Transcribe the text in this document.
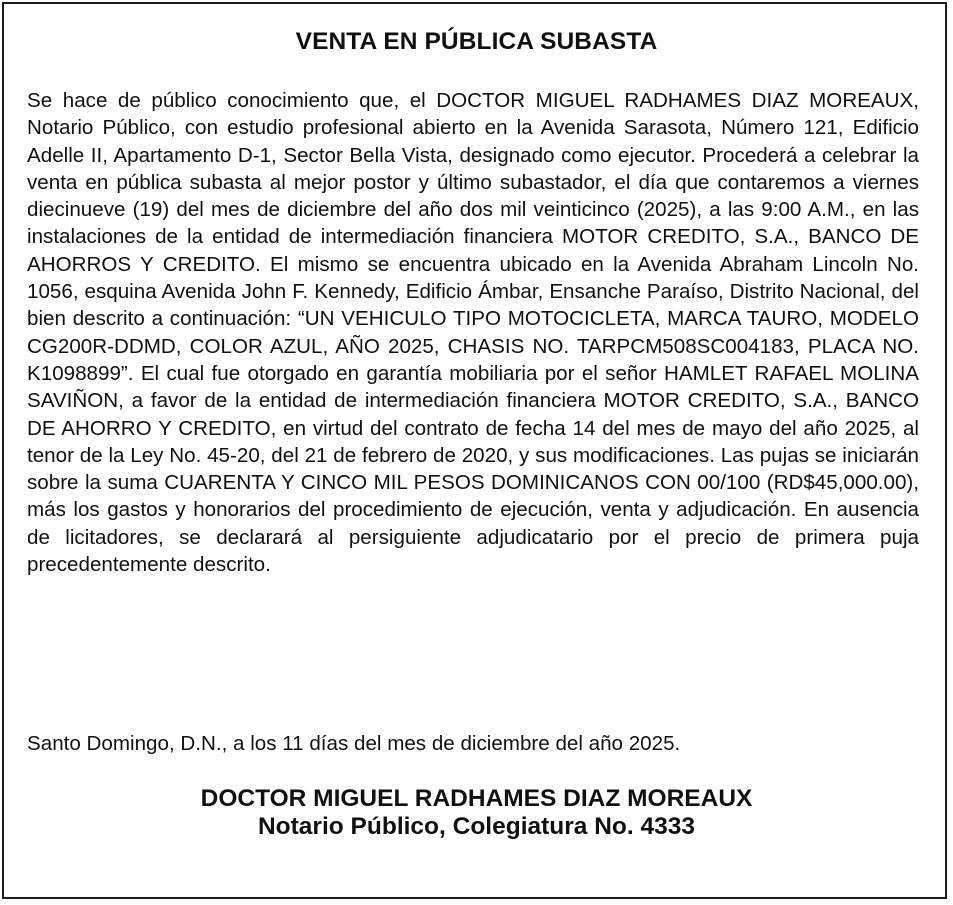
VENTA EN PÚBLICA SUBASTA
Se hace de público conocimiento que, el DOCTOR MIGUEL RADHAMES DIAZ MOREAUX, Notario Público, con estudio profesional abierto en la Avenida Sarasota, Número 121, Edificio Adelle II, Apartamento D-1, Sector Bella Vista, designado como ejecutor. Procederá a celebrar la venta en pública subasta al mejor postor y último subastador, el día que contaremos a viernes diecinueve (19) del mes de diciembre del año dos mil veinticinco (2025), a las 9:00 A.M., en las instalaciones de la entidad de intermediación financiera MOTOR CREDITO, S.A., BANCO DE AHORROS Y CREDITO. El mismo se encuentra ubicado en la Avenida Abraham Lincoln No. 1056, esquina Avenida John F. Kennedy, Edificio Ámbar, Ensanche Paraíso, Distrito Nacional, del bien descrito a continuación: “UN VEHICULO TIPO MOTOCICLETA, MARCA TAURO, MODELO CG200R-DDMD, COLOR AZUL, AÑO 2025, CHASIS NO. TARPCM508SC004183, PLACA NO. K1098899”. El cual fue otorgado en garantía mobiliaria por el señor HAMLET RAFAEL MOLINA SAVIÑON, a favor de la entidad de intermediación financiera MOTOR CREDITO, S.A., BANCO DE AHORRO Y CREDITO, en virtud del contrato de fecha 14 del mes de mayo del año 2025, al tenor de la Ley No. 45-20, del 21 de febrero de 2020, y sus modificaciones. Las pujas se iniciarán sobre la suma CUARENTA Y CINCO MIL PESOS DOMINICANOS CON 00/100 (RD$45,000.00), más los gastos y honorarios del procedimiento de ejecución, venta y adjudicación. En ausencia de licitadores, se declarará al persiguiente adjudicatario por el precio de primera puja precedentemente descrito.
Santo Domingo, D.N., a los 11 días del mes de diciembre del año 2025.
DOCTOR MIGUEL RADHAMES DIAZ MOREAUX
Notario Público, Colegiatura No. 4333
